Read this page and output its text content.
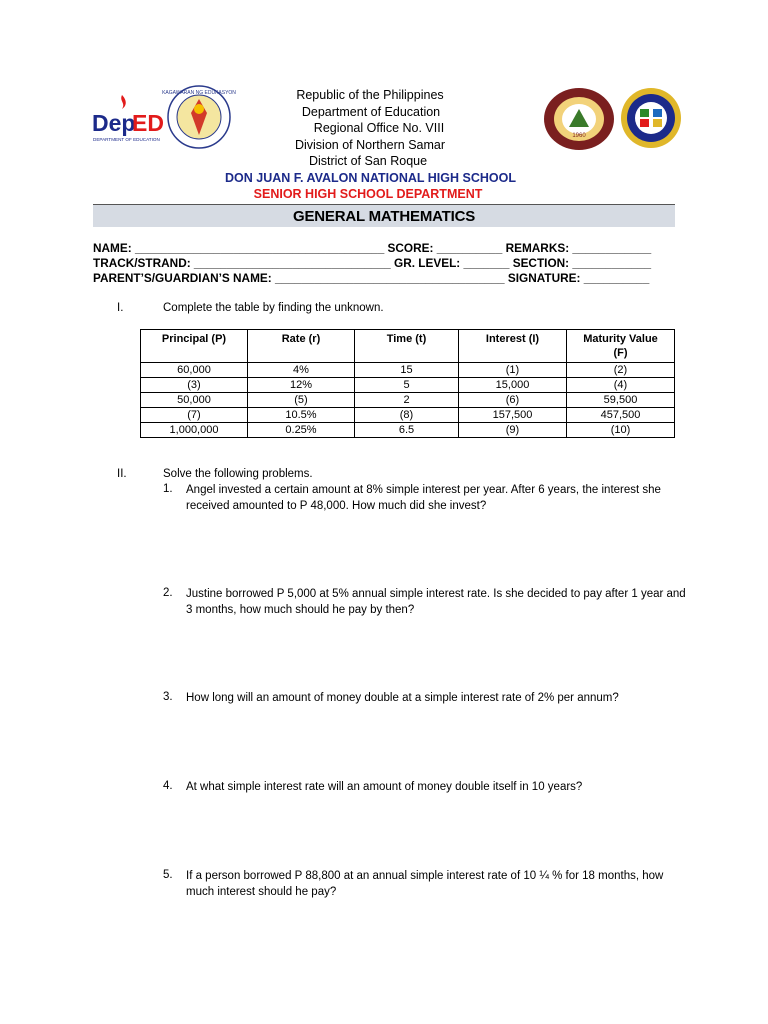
Dep
ED
DEPARTMENT OF EDUCATION
KAGAWARAN NG EDUKASYON
1960
Republic of the Philippines
Department of Education
Regional Office No. VIII
Division of Northern Samar
District of San Roque
DON JUAN F. AVALON NATIONAL HIGH SCHOOL
SENIOR HIGH SCHOOL DEPARTMENT
GENERAL MATHEMATICS
NAME: ______________________________________ SCORE: __________ REMARKS: ____________
TRACK/STRAND: ______________________________ GR. LEVEL: _______ SECTION: ____________
PARENT’S/GUARDIAN’S NAME: ___________________________________ SIGNATURE: __________
I.	Complete the table by finding the unknown.
Principal (P)	Rate (r)	Time (t)	Interest (I)	Maturity Value (F)
60,000	4%	15	(1)	(2)
(3)	12%	5	15,000	(4)
50,000	(5)	2	(6)	59,500
(7)	10.5%	(8)	157,500	457,500
1,000,000	0.25%	6.5	(9)	(10)
II.	Solve the following problems.
1. Angel invested a certain amount at 8% simple interest per year. After 6 years, the interest she received amounted to P 48,000. How much did she invest?
2. Justine borrowed P 5,000 at 5% annual simple interest rate. Is she decided to pay after 1 year and 3 months, how much should he pay by then?
3. How long will an amount of money double at a simple interest rate of 2% per annum?
4. At what simple interest rate will an amount of money double itself in 10 years?
5. If a person borrowed P 88,800 at an annual simple interest rate of 10 ¼ % for 18 months, how much interest should he pay?
